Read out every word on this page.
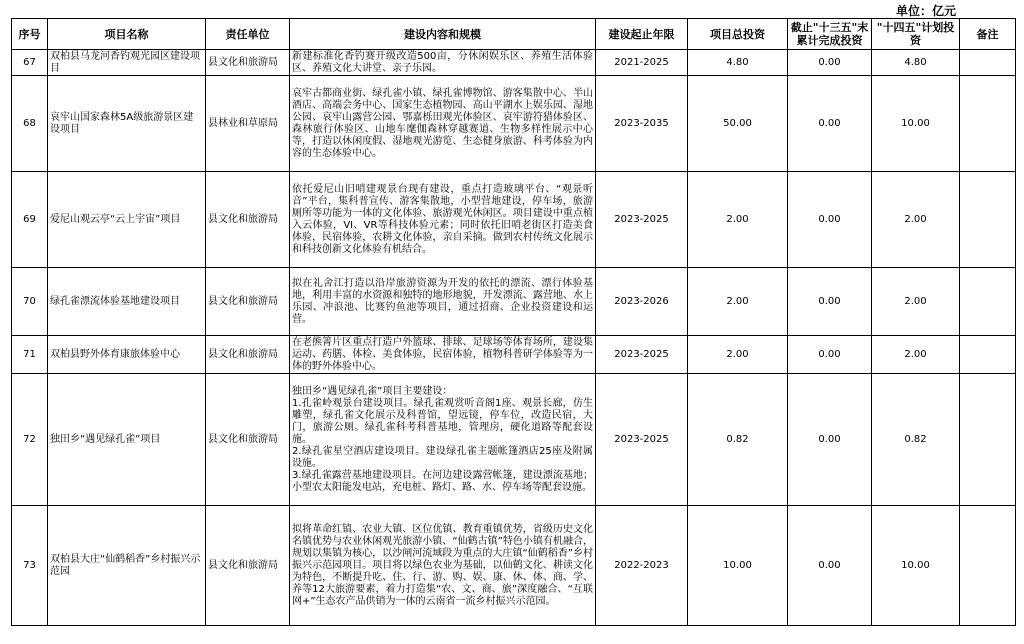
单位：亿元
序号	项目名称	责任单位	建设内容和规模	建设起止年限	项目总投资	截止"十三五"末累计完成投资	"十四五"计划投资	备注
67	双柏县马龙河香钓观光园区建设项目	县文化和旅游局	新建标准化香钓赛开级改造500亩，分休闲娱乐区、养殖生活体验区、养殖文化大讲堂、亲子乐园。	2021-2025	4.80	0.00	4.80	
68	哀牢山国家森林5A级旅游景区建设项目	县林业和草原局	哀牢古都商业街、绿孔雀小镇、绿孔雀博物馆、游客集散中心、半山酒店、高端会务中心、国家生态植物园、高山平湖水上娱乐园、湿地公园、哀牢山露营公园、鄂嘉栎田观光体验区、哀牢游符猎体验区、森林旅行体验区、山地车麾伽森林穿越赛道、生物多样性展示中心等，打造以休闲度假、湿地观光游览、生态健身旅游、科考体验为内容的生态体验中心。	2023-2035	50.00	0.00	10.00	
69	爱尼山观云亭“云上宇宙”项目	县文化和旅游局	依托爱尼山旧哨建观景台现有建设，重点打造玻璃平台、“观景听音”平台，集科普宣传、游客集散地，小型营地建设，停车场，旅游厕所等功能为一体的文化体验、旅游观光休闲区。项目建设中重点植入云体验，VI、VR等科技体验元素；同时依托旧哨老街区打造美食体验，民宿体验，农耕文化体验，亲自采摘。做到农村传统文化展示和科技创新文化体验有机结合。	2023-2025	2.00	0.00	2.00	
70	绿孔雀漂流体验基地建设项目	县文化和旅游局	拟在礼舍江打造以沿岸旅游资源为开发的依托的漂流、漂行体验基地，利用丰富的水资源和独特的地形地貌，开发漂流、露营地、水上乐园、冲浪池、比赛钓鱼池等项目，通过招商、企业投资建设和运营。	2023-2026	2.00	0.00	2.00	
71	双柏县野外体育康旅体验中心	县文化和旅游局	在老熊箐片区重点打造户外篮球、排球、足球场等体育场所，建设集运动、药膳、体检、美食体验，民宿体验，植物科普研学体验等为一体的野外体验中心。	2023-2025	2.00	0.00	2.00	
72	独田乡“遇见绿孔雀”项目	县文化和旅游局	独田乡“遇见绿孔雀”项目主要建设：
1.孔雀岭观景台建设项目。绿孔雀观赏听音阁1座、观景长廊，仿生雕塑，绿孔雀文化展示及科普馆，望远镜，停车位，改造民宿，大门，旅游公厕。绿孔雀科考科普基地，管理房，硬化道路等配套设施。
2.绿孔雀星空酒店建设项目。建设绿孔雀主题帐篷酒店25座及附属设施。
3.绿孔雀露营基地建设项目。在河边建设露营帐篷，建设漂流基地；小型农太阳能发电站，充电桩、路灯、路、水、停车场等配套设施。	2023-2025	0.82	0.00	0.82	
73	双柏县大庄“仙鹤稻香”乡村振兴示范园	县文化和旅游局	拟将革命红镇、农业大镇、区位优镇、教育重镇优势，省级历史文化名镇优势与农业休闲观光旅游小镇、“仙鹤古镇”特色小镇有机融合，规划以集镇为核心，以沙闸河流域段为重点的大庄镇“仙鹤稻香”乡村振兴示范园项目。项目将以绿色农业为基础，以仙鹤文化、耕读文化为特色，不断提升吃、住、行、游、购、娱、康、休、体、商、学、养等12大旅游要素，着力打造集“农、文、商、旅”深度融合、“互联网+”生态农产品供销为一体的云南省一流乡村振兴示范园。	2022-2023	10.00	0.00	10.00	
